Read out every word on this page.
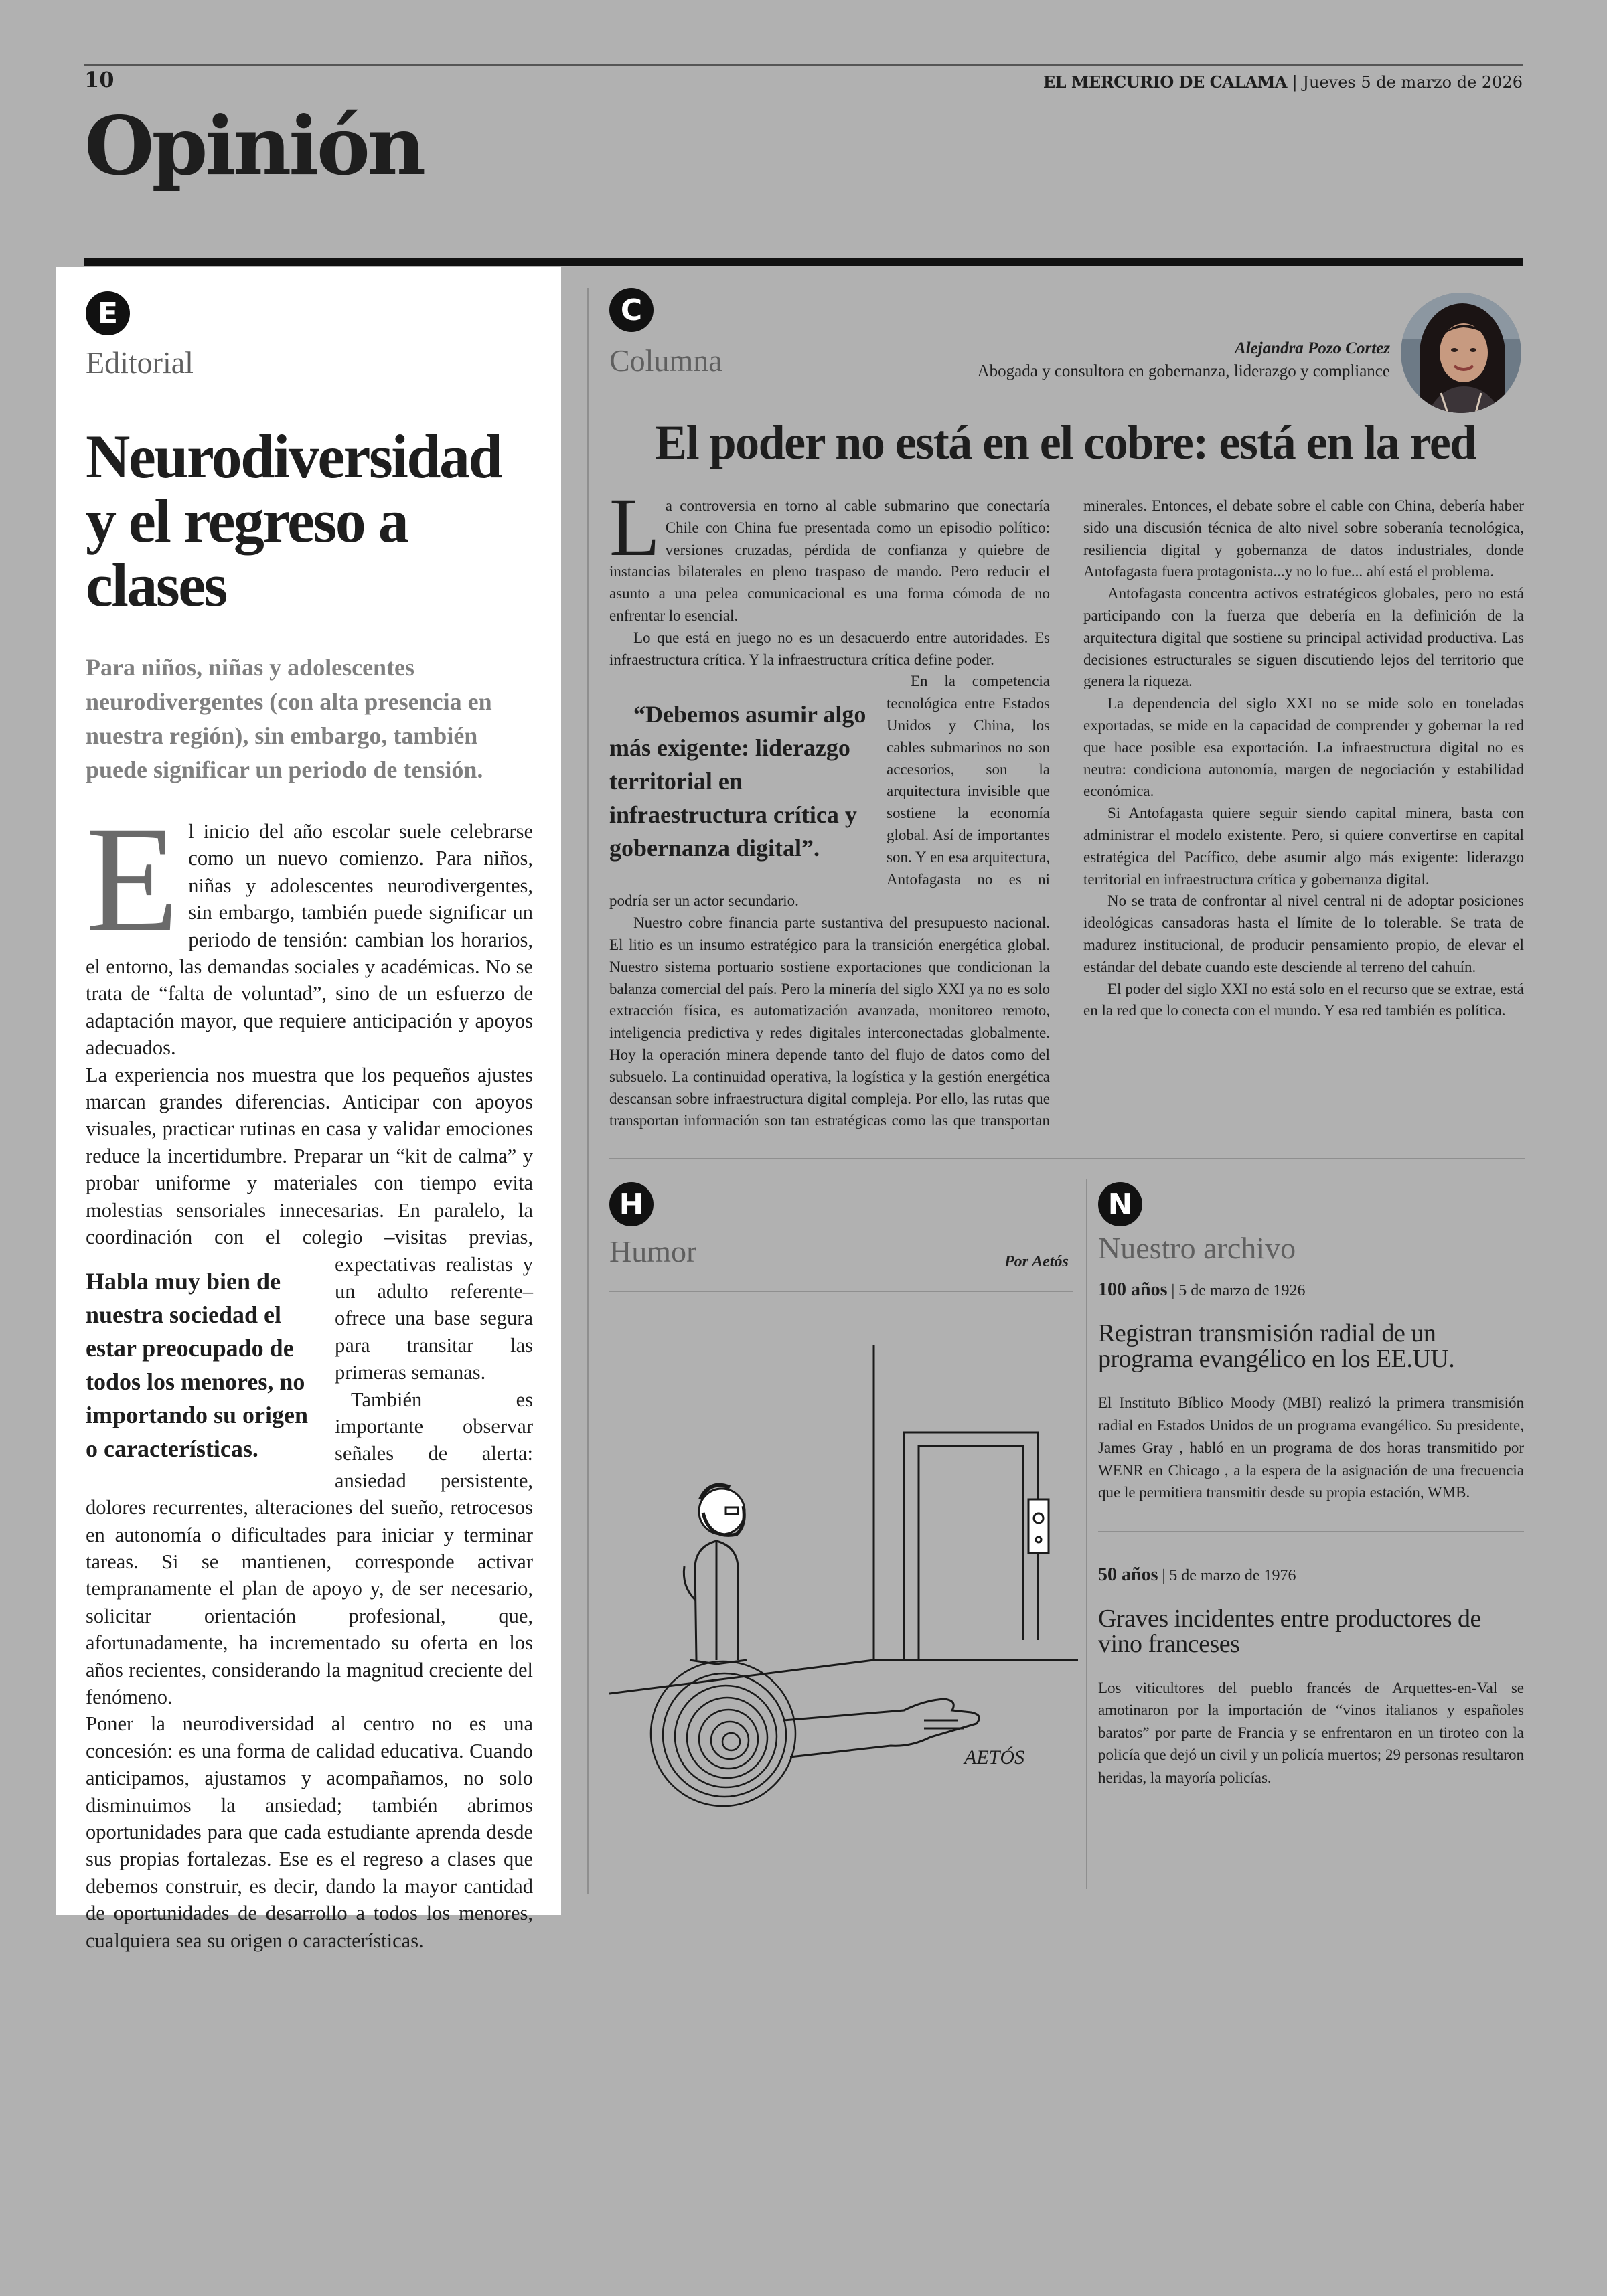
10	EL MERCURIO DE CALAMA | Jueves 5 de marzo de 2026
Opinión
E
Editorial
Neurodiversidad
y el regreso a clases
Para niños, niñas y adolescentes neurodivergentes (con alta presencia en nuestra región), sin embargo, también puede significar un periodo de tensión.
E l inicio del año escolar suele celebrarse como un nuevo comienzo. Para niños, niñas y adolescentes neurodivergentes, sin embargo, también puede significar un periodo de tensión: cambian los horarios, el entorno, las demandas sociales y académicas. No se trata de “falta de voluntad”, sino de un esfuerzo de adaptación mayor, que requiere anticipación y apoyos adecuados.

La experiencia nos muestra que los pequeños ajustes marcan grandes diferencias. Anticipar con apoyos visuales, practicar rutinas en casa y validar emociones reduce la incertidumbre. Preparar un “kit de calma” y probar uniforme y materiales con tiempo evita molestias sensoriales innecesarias. En paralelo, la coordinación con el colegio –visitas previas, expectativas
Habla muy bien de nuestra sociedad el estar preocupado de todos los menores, no importando su origen o características.
realistas y un adulto referente– ofrece una base segura para transitar las primeras semanas.

También es importante observar señales de alerta: ansiedad persistente, dolores recurrentes, alteraciones del sueño, retrocesos en autonomía o dificultades para iniciar y terminar tareas. Si se mantienen, corresponde activar tempranamente el plan de apoyo y, de ser necesario, solicitar orientación profesional, que, afortunadamente, ha incrementado su oferta en los años recientes, considerando la magnitud creciente del fenómeno.

Poner la neurodiversidad al centro no es una concesión: es una forma de calidad educativa. Cuando anticipamos, ajustamos y acompañamos, no solo disminuimos la ansiedad; también abrimos oportunidades para que cada estudiante aprenda desde sus propias fortalezas. Ese es el regreso a clases que debemos construir, es decir, dando la mayor cantidad de oportunidades de desarrollo a todos los menores, cualquiera sea su origen o características.

C
Columna	Alejandra Pozo Cortez
Abogada y consultora en gobernanza, liderazgo y compliance
El poder no está en el cobre: está en la red

La controversia en torno al cable submarino que conectaría Chile con China fue presentada como un episodio político: versiones cruzadas, pérdida de confianza y quiebre de instancias bilaterales en pleno traspaso de mando. Pero reducir el asunto a una pelea comunicacional es una forma cómoda de no enfrentar lo esencial.

Lo que está en juego no es un desacuerdo entre autoridades. Es infraestructura crítica. Y la infraestructura crítica define poder.

“Debemos asumir algo más exigente: liderazgo territorial en infraestructura crítica y gobernanza digital”.
En la competencia tecnológica entre Estados Unidos y China, los cables submarinos no son accesorios, son la arquitectura invisible que sostiene la economía global. Así de importantes son. Y en esa arquitectura, Antofagasta no es ni podría ser un actor secundario.

Nuestro cobre financia parte sustantiva del presupuesto nacional. El litio es un insumo estratégico para la transición energética global. Nuestro sistema portuario sostiene exportaciones que condicionan la balanza comercial del país. Pero la minería del siglo XXI ya no es solo extracción física, es automatización avanzada, monitoreo remoto, inteligencia predictiva y redes digitales interconectadas globalmente. Hoy la operación minera depende tanto del flujo de datos como del subsuelo. La continuidad operativa, la logística y la gestión energética descansan sobre infraestructura digital compleja. Por ello, las rutas que transportan información son tan estratégicas como las que transportan minerales. Entonces, el debate sobre el cable con China, debería haber sido una discusión técnica de alto nivel sobre soberanía tecnológica, resiliencia digital y gobernanza de datos industriales, donde Antofagasta fuera protagonista...y no lo fue... ahí está el problema.

Antofagasta concentra activos estratégicos globales, pero no está participando con la fuerza que debería en la definición de la arquitectura digital que sostiene su principal actividad productiva. Las decisiones estructurales se siguen discutiendo lejos del territorio que genera la riqueza.

La dependencia del siglo XXI no se mide solo en toneladas exportadas, se mide en la capacidad de comprender y gobernar la red que hace posible esa exportación. La infraestructura digital no es neutra: condiciona autonomía, margen de negociación y estabilidad económica.

Si Antofagasta quiere seguir siendo capital minera, basta con administrar el modelo existente. Pero, si quiere convertirse en capital estratégica del Pacífico, debe asumir algo más exigente: liderazgo territorial en infraestructura crítica y gobernanza digital.

No se trata de confrontar al nivel central ni de adoptar posiciones ideológicas cansadoras hasta el límite de lo tolerable. Se trata de madurez institucional, de producir pensamiento propio, de elevar el estándar del debate cuando este desciende al terreno del cahuín.

El poder del siglo XXI no está solo en el recurso que se extrae, está en la red que lo conecta con el mundo. Y esa red también es política.

H
Humor	Por Aetós
AETÓS
N
Nuestro archivo
100 años | 5 de marzo de 1926
Registran transmisión radial de un programa evangélico en los EE.UU.
El Instituto Bíblico Moody (MBI) realizó la primera transmisión radial en Estados Unidos de un programa evangélico. Su presidente, James Gray , habló en un programa de dos horas transmitido por WENR en Chicago , a la espera de la asignación de una frecuencia que le permitiera transmitir desde su propia estación, WMB.
50 años | 5 de marzo de 1976
Graves incidentes entre productores de vino franceses
Los viticultores del pueblo francés de Arquettes-en-Val se amotinaron por la importación de “vinos italianos y españoles baratos” por parte de Francia y se enfrentaron en un tiroteo con la policía que dejó un civil y un policía muertos; 29 personas resultaron heridas, la mayoría policías.
